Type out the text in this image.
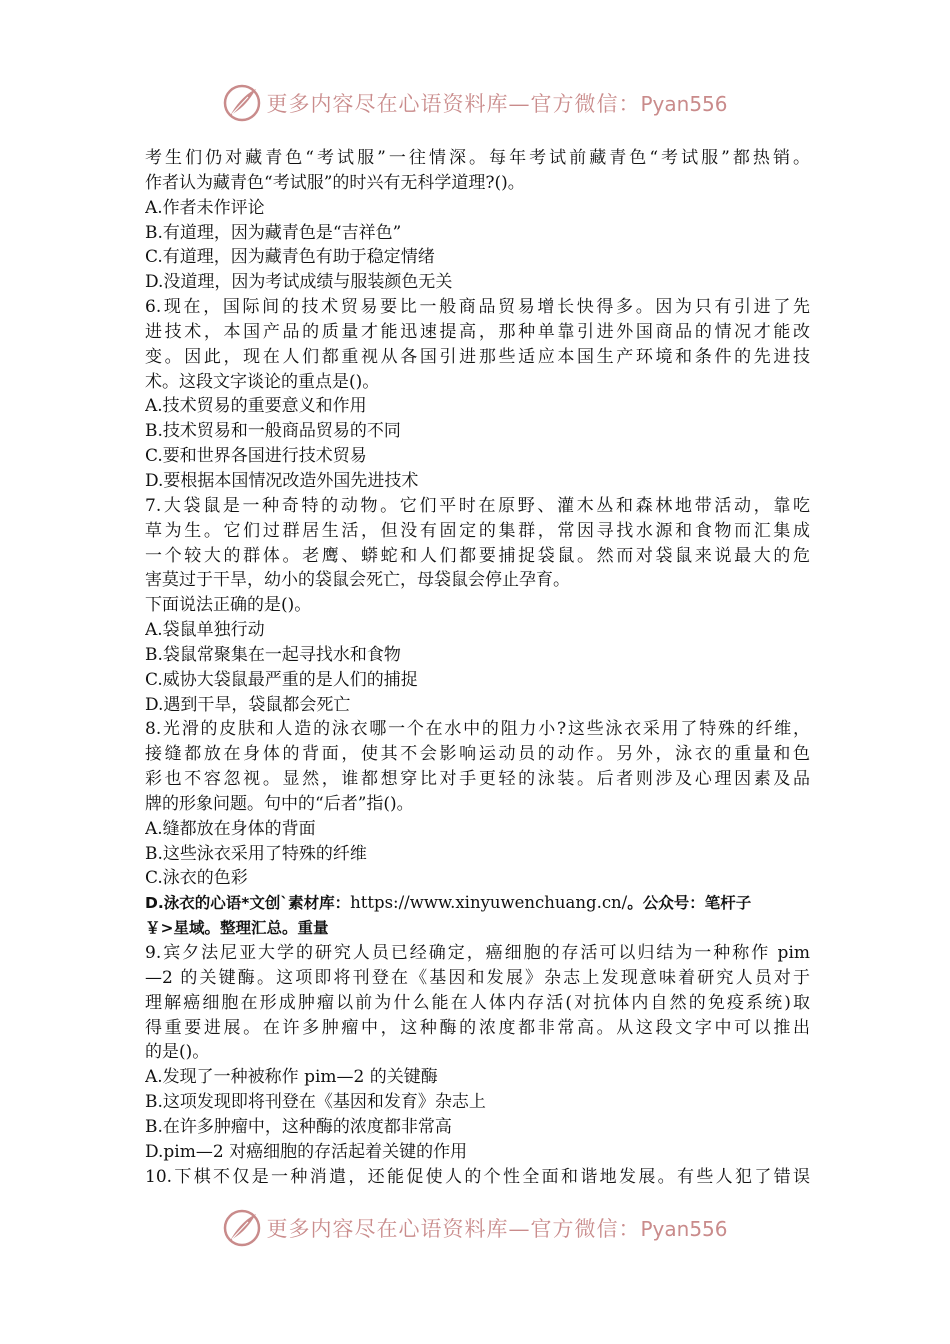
更多内容尽在心语资料库—官方微信：Pyan556
考生们仍对藏青色“考试服”一往情深。每年考试前藏青色“考试服”都热销。
作者认为藏青色“考试服”的时兴有无科学道理?()。
A.作者未作评论
B.有道理，因为藏青色是“吉祥色”
C.有道理，因为藏青色有助于稳定情绪
D.没道理，因为考试成绩与服装颜色无关
6.现在，国际间的技术贸易要比一般商品贸易增长快得多。因为只有引进了先
进技术，本国产品的质量才能迅速提高，那种单靠引进外国商品的情况才能改
变。因此，现在人们都重视从各国引进那些适应本国生产环境和条件的先进技
术。这段文字谈论的重点是()。
A.技术贸易的重要意义和作用
B.技术贸易和一般商品贸易的不同
C.要和世界各国进行技术贸易
D.要根据本国情况改造外国先进技术
7.大袋鼠是一种奇特的动物。它们平时在原野、灌木丛和森林地带活动，靠吃
草为生。它们过群居生活，但没有固定的集群，常因寻找水源和食物而汇集成
一个较大的群体。老鹰、蟒蛇和人们都要捕捉袋鼠。然而对袋鼠来说最大的危
害莫过于干旱，幼小的袋鼠会死亡，母袋鼠会停止孕育。
下面说法正确的是()。
A.袋鼠单独行动
B.袋鼠常聚集在一起寻找水和食物
C.威协大袋鼠最严重的是人们的捕捉
D.遇到干旱，袋鼠都会死亡
8.光滑的皮肤和人造的泳衣哪一个在水中的阻力小?这些泳衣采用了特殊的纤维，
接缝都放在身体的背面，使其不会影响运动员的动作。另外，泳衣的重量和色
彩也不容忽视。显然，谁都想穿比对手更轻的泳装。后者则涉及心理因素及品
牌的形象问题。句中的“后者”指()。
A.缝都放在身体的背面
B.这些泳衣采用了特殊的纤维
C.泳衣的色彩
D.泳衣的心语*文创`素材库：https://www.xinyuwenchuang.cn/。公众号：笔杆子
￥>星域。整理汇总。重量
9.宾夕法尼亚大学的研究人员已经确定，癌细胞的存活可以归结为一种称作 pim
—2 的关键酶。这项即将刊登在《基因和发展》杂志上发现意味着研究人员对于
理解癌细胞在形成肿瘤以前为什么能在人体内存活(对抗体内自然的免疫系统)取
得重要进展。在许多肿瘤中，这种酶的浓度都非常高。从这段文字中可以推出
的是()。
A.发现了一种被称作 pim—2 的关键酶
B.这项发现即将刊登在《基因和发育》杂志上
B.在许多肿瘤中，这种酶的浓度都非常高
D.pim—2 对癌细胞的存活起着关键的作用
10.下棋不仅是一种消遣，还能促使人的个性全面和谐地发展。有些人犯了错误
更多内容尽在心语资料库—官方微信：Pyan556
